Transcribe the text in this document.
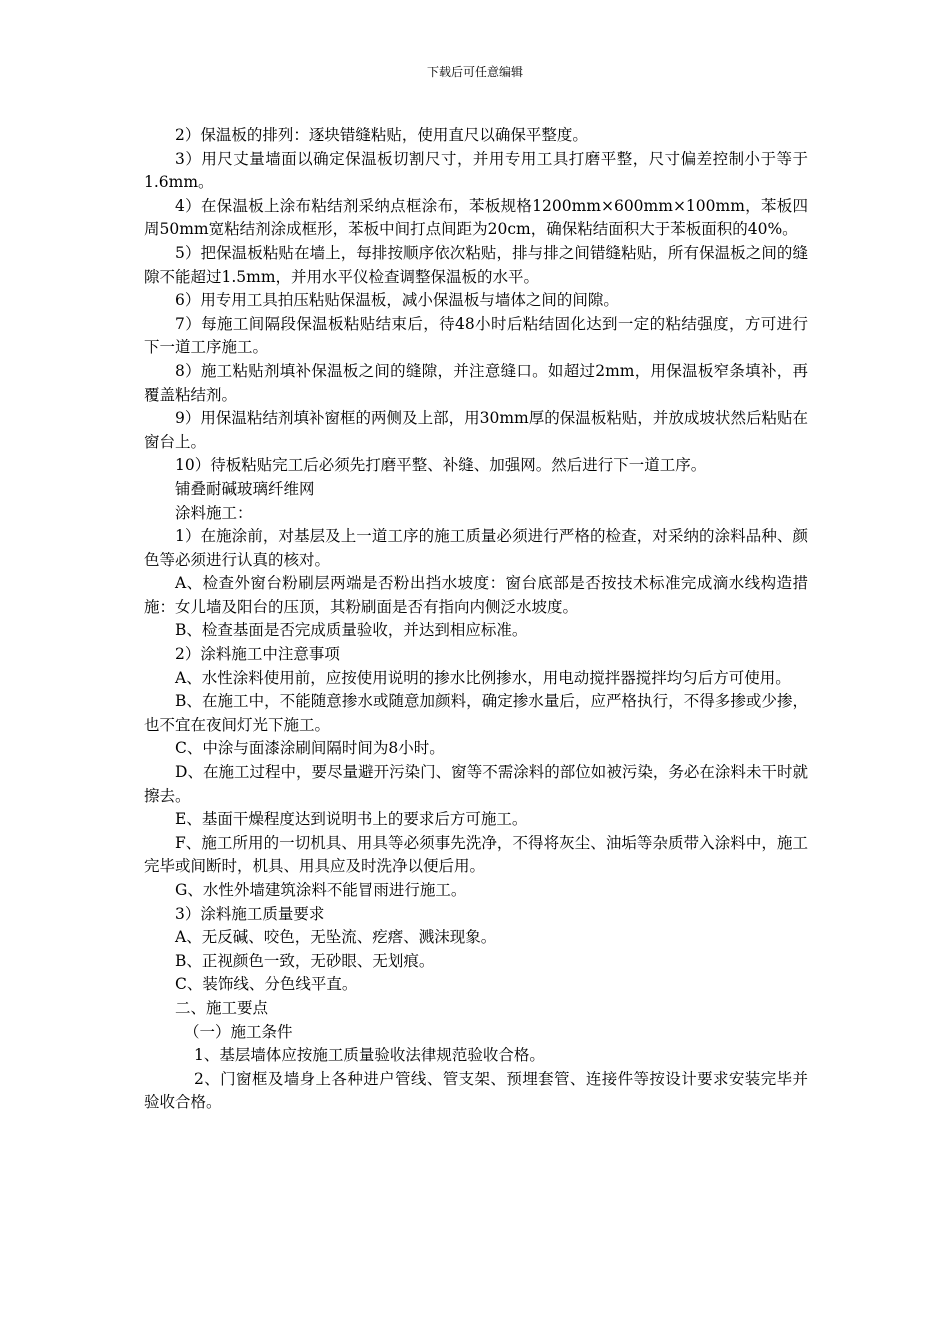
下载后可任意编辑

2）保温板的排列：逐块错缝粘贴，使用直尺以确保平整度。

3）用尺丈量墙面以确定保温板切割尺寸，并用专用工具打磨平整，尺寸偏差控制小于等于1.6mm。

4）在保温板上涂布粘结剂采纳点框涂布，苯板规格1200mm×600mm×100mm，苯板四周50mm宽粘结剂涂成框形，苯板中间打点间距为20cm，确保粘结面积大于苯板面积的40%。

5）把保温板粘贴在墙上，每排按顺序依次粘贴，排与排之间错缝粘贴，所有保温板之间的缝隙不能超过1.5mm，并用水平仪检查调整保温板的水平。

6）用专用工具拍压粘贴保温板，减小保温板与墙体之间的间隙。

7）每施工间隔段保温板粘贴结束后，待48小时后粘结固化达到一定的粘结强度，方可进行下一道工序施工。

8）施工粘贴剂填补保温板之间的缝隙，并注意缝口。如超过2mm，用保温板窄条填补，再覆盖粘结剂。

9）用保温粘结剂填补窗框的两侧及上部，用30mm厚的保温板粘贴，并放成坡状然后粘贴在窗台上。

10）待板粘贴完工后必须先打磨平整、补缝、加强网。然后进行下一道工序。

铺叠耐碱玻璃纤维网

涂料施工：

1）在施涂前，对基层及上一道工序的施工质量必须进行严格的检查，对采纳的涂料品种、颜色等必须进行认真的核对。

A、检查外窗台粉刷层两端是否粉出挡水坡度：窗台底部是否按技术标准完成滴水线构造措施：女儿墙及阳台的压顶，其粉刷面是否有指向内侧泛水坡度。

B、检查基面是否完成质量验收，并达到相应标准。

2）涂料施工中注意事项

A、水性涂料使用前，应按使用说明的掺水比例掺水，用电动搅拌器搅拌均匀后方可使用。

B、在施工中，不能随意掺水或随意加颜料，确定掺水量后，应严格执行，不得多掺或少掺，也不宜在夜间灯光下施工。

C、中涂与面漆涂刷间隔时间为8小时。

D、在施工过程中，要尽量避开污染门、窗等不需涂料的部位如被污染，务必在涂料未干时就擦去。

E、基面干燥程度达到说明书上的要求后方可施工。

F、施工所用的一切机具、用具等必须事先洗净，不得将灰尘、油垢等杂质带入涂料中，施工完毕或间断时，机具、用具应及时洗净以便后用。

G、水性外墙建筑涂料不能冒雨进行施工。

3）涂料施工质量要求

A、无反碱、咬色，无坠流、疙瘩、溅沫现象。

B、正视颜色一致，无砂眼、无划痕。

C、装饰线、分色线平直。

二、施工要点

（一）施工条件

1、基层墙体应按施工质量验收法律规范验收合格。

2、门窗框及墙身上各种进户管线、管支架、预埋套管、连接件等按设计要求安装完毕并验收合格。
